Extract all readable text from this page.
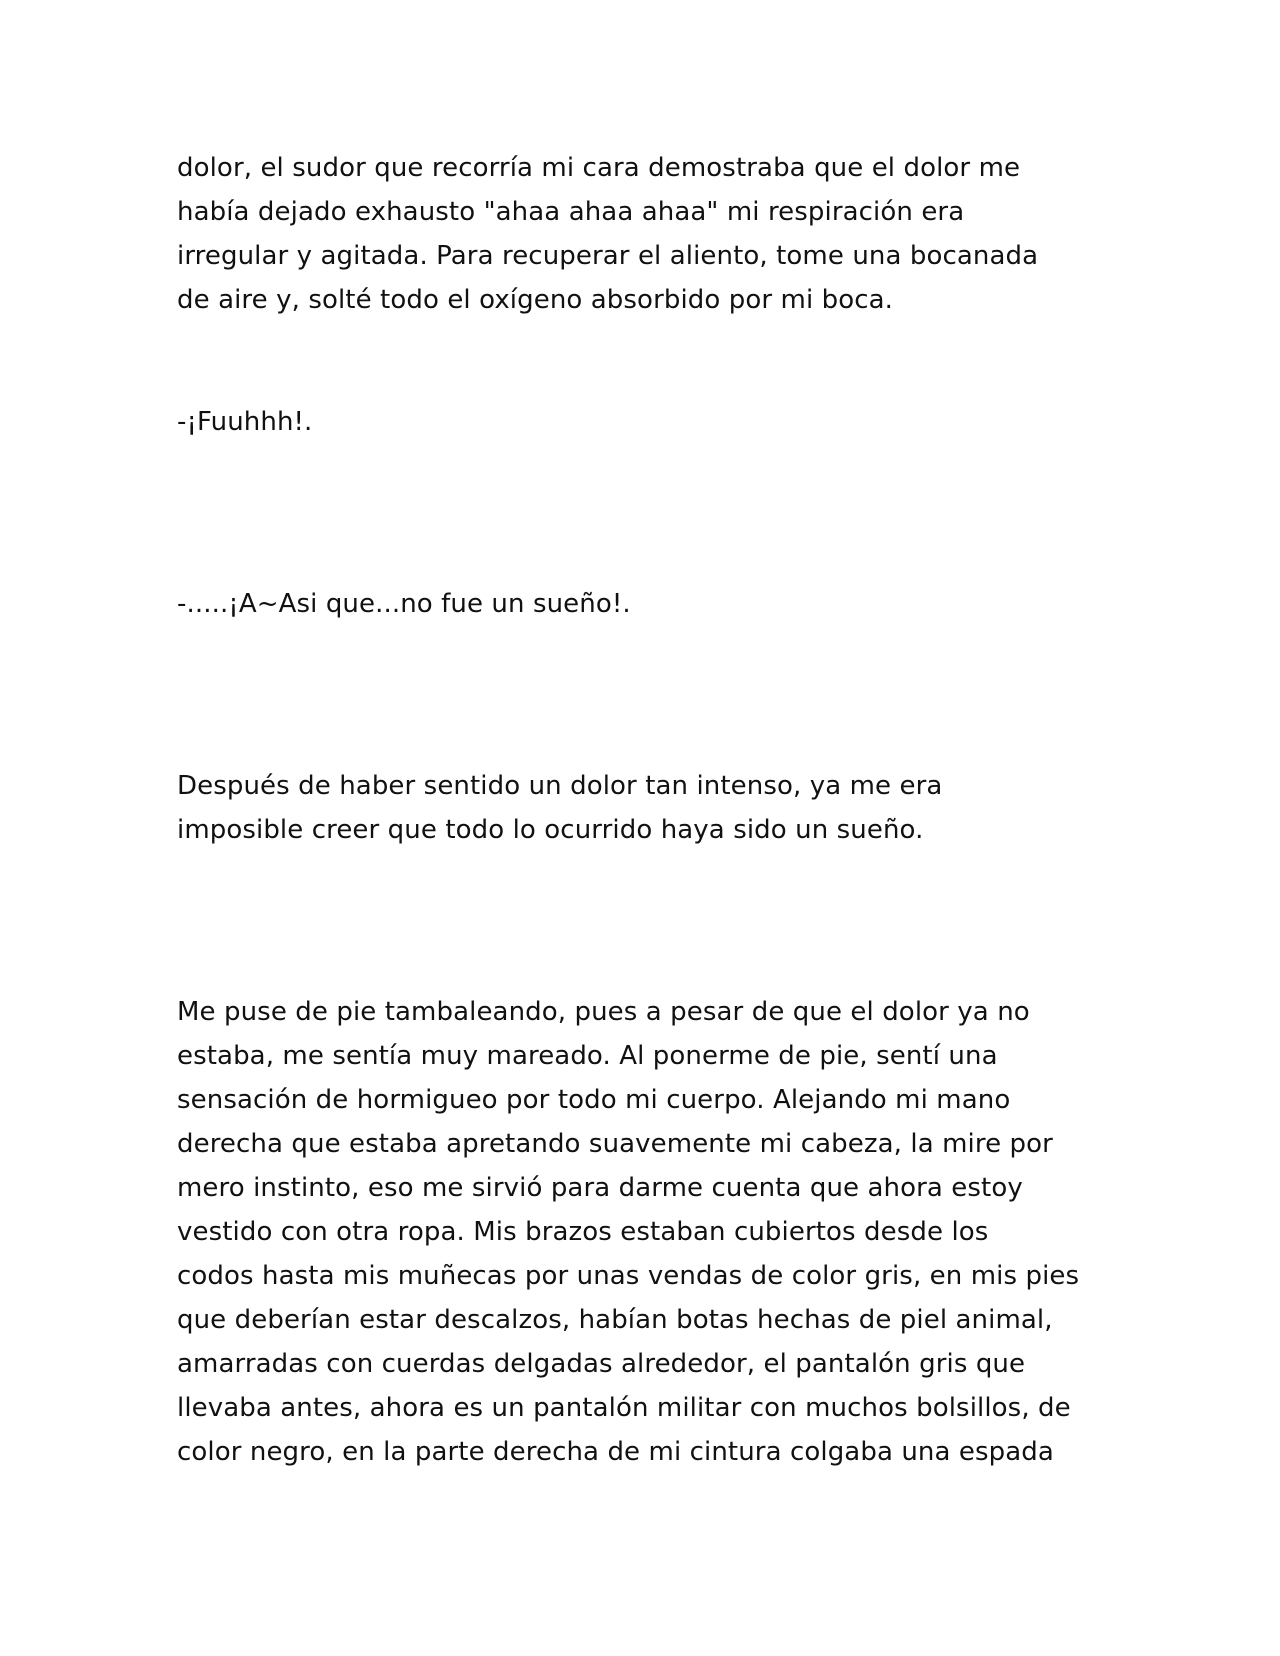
dolor, el sudor que recorría mi cara demostraba que el dolor me

había dejado exhausto "ahaa ahaa ahaa" mi respiración era

irregular y agitada. Para recuperar el aliento, tome una bocanada

de aire y, solté todo el oxígeno absorbido por mi boca.

-¡Fuuhhh!.

-.....¡A~Asi que...no fue un sueño!.

Después de haber sentido un dolor tan intenso, ya me era

imposible creer que todo lo ocurrido haya sido un sueño.

Me puse de pie tambaleando, pues a pesar de que el dolor ya no

estaba, me sentía muy mareado. Al ponerme de pie, sentí una

sensación de hormigueo por todo mi cuerpo. Alejando mi mano

derecha que estaba apretando suavemente mi cabeza, la mire por

mero instinto, eso me sirvió para darme cuenta que ahora estoy

vestido con otra ropa. Mis brazos estaban cubiertos desde los

codos hasta mis muñecas por unas vendas de color gris, en mis pies

que deberían estar descalzos, habían botas hechas de piel animal,

amarradas con cuerdas delgadas alrededor, el pantalón gris que

llevaba antes, ahora es un pantalón militar con muchos bolsillos, de

color negro, en la parte derecha de mi cintura colgaba una espada
